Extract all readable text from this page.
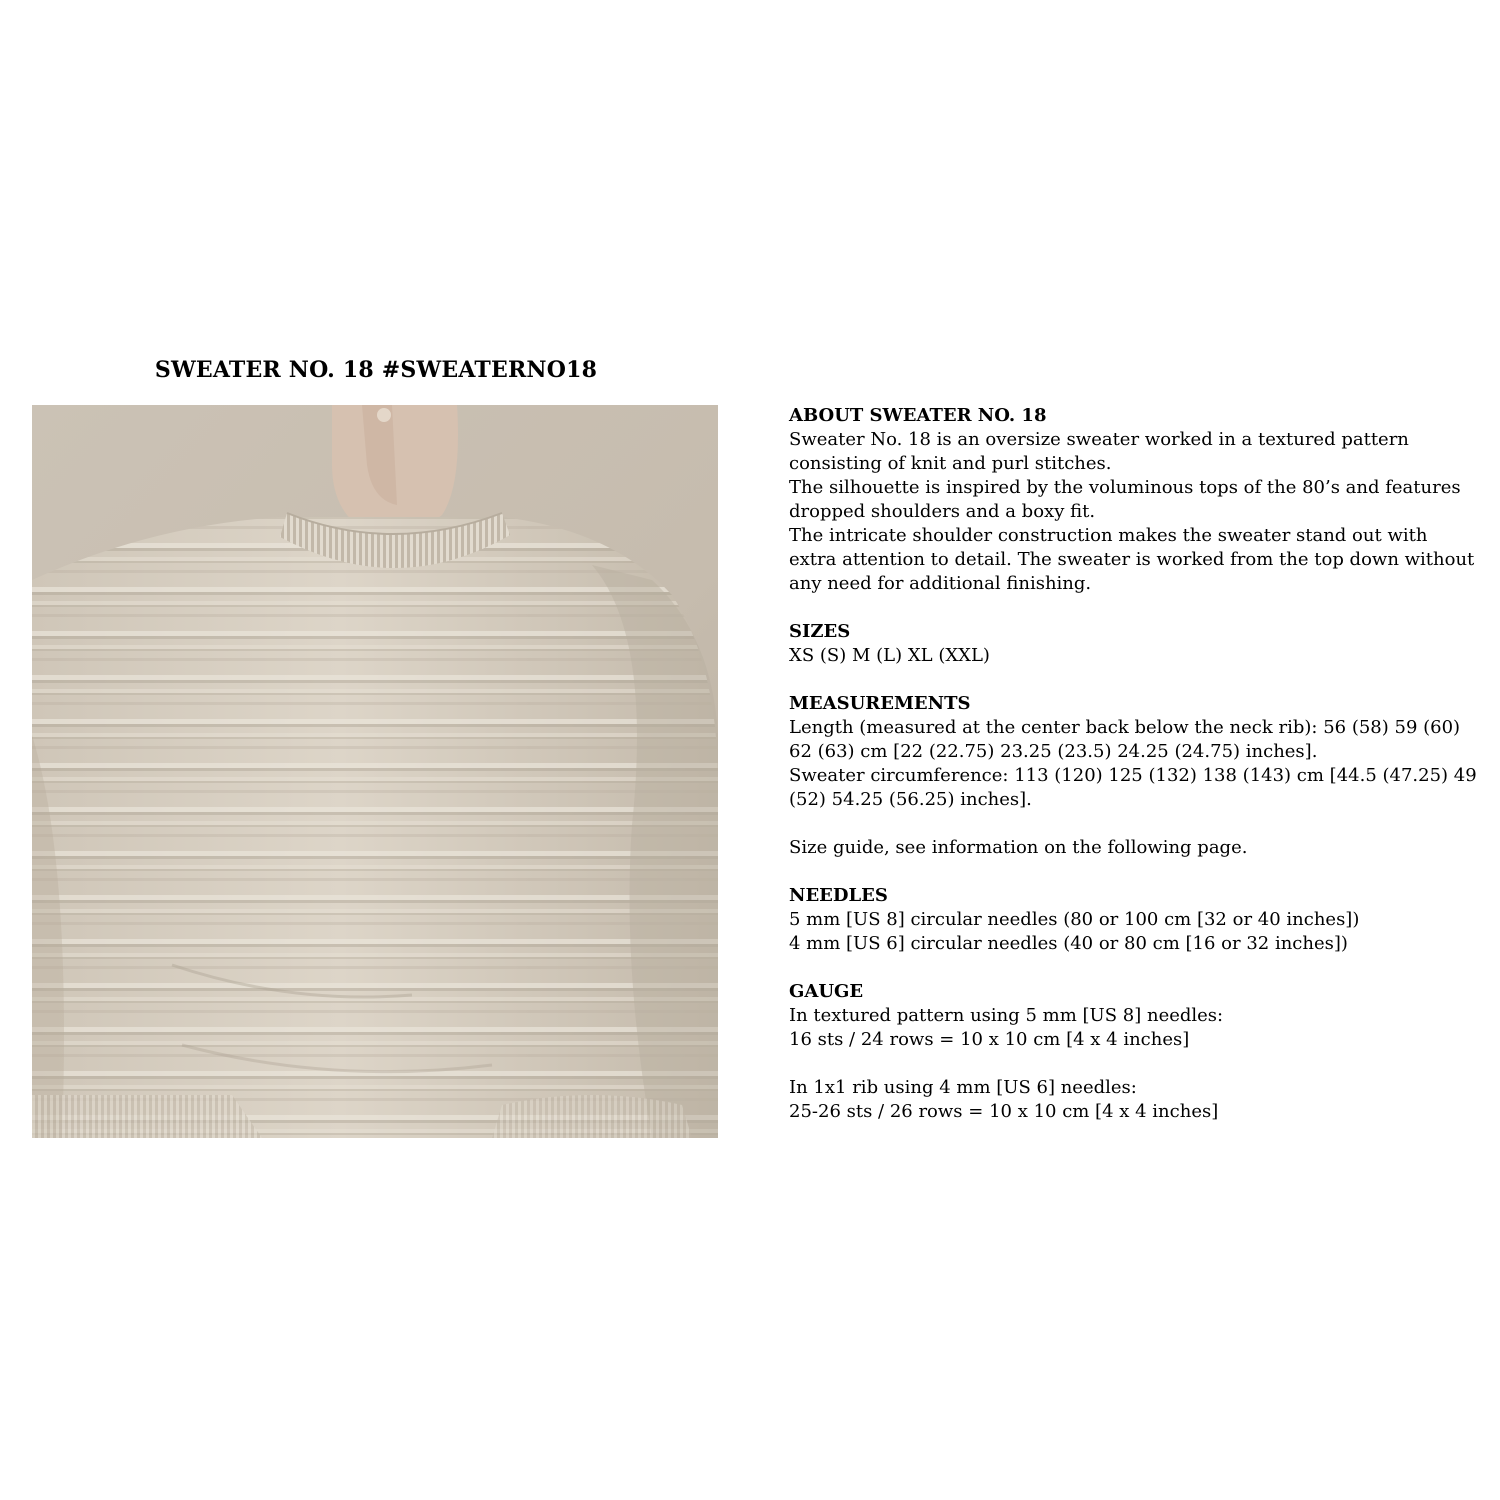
SWEATER NO. 18 #SWEATERNO18
ABOUT SWEATER NO. 18

Sweater No. 18 is an oversize sweater worked in a textured pattern consisting of knit and purl stitches.

The silhouette is inspired by the voluminous tops of the 80’s and features dropped shoulders and a boxy fit.

The intricate shoulder construction makes the sweater stand out with extra attention to detail. The sweater is worked from the top down without any need for additional finishing.

SIZES

XS (S) M (L) XL (XXL)

MEASUREMENTS

Length (measured at the center back below the neck rib): 56 (58) 59 (60) 62 (63) cm [22 (22.75) 23.25 (23.5) 24.25 (24.75) inches].

Sweater circumference: 113 (120) 125 (132) 138 (143) cm [44.5 (47.25) 49 (52) 54.25 (56.25) inches].

Size guide, see information on the following page.

NEEDLES

5 mm [US 8] circular needles (80 or 100 cm [32 or 40 inches])

4 mm [US 6] circular needles (40 or 80 cm [16 or 32 inches])

GAUGE

In textured pattern using 5 mm [US 8] needles:

16 sts / 24 rows = 10 x 10 cm [4 x 4 inches]

In 1x1 rib using 4 mm [US 6] needles:

25-26 sts / 26 rows = 10 x 10 cm [4 x 4 inches]
